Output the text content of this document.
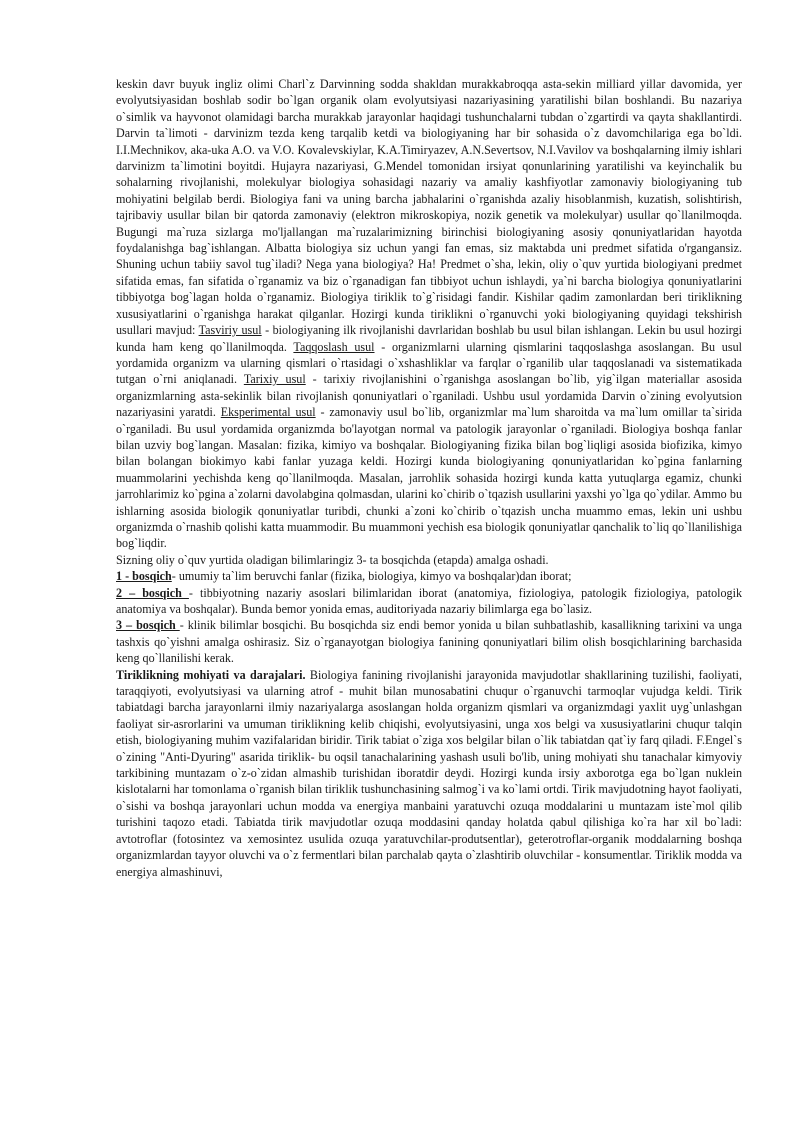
keskin davr buyuk ingliz olimi Charl`z Darvinning sodda shakldan murakkabroqqa asta-sekin milliard yillar davomida, yer evolyutsiyasidan boshlab sodir bo`lgan organik olam evolyutsiyasi nazariyasining yaratilishi bilan boshlandi. Bu nazariya o`simlik va hayvonot olamidagi barcha murakkab jarayonlar haqidagi tushunchalarni tubdan o`zgartirdi va qayta shakllantirdi. Darvin ta`limoti - darvinizm tezda keng tarqalib ketdi va biologiyaning har bir sohasida o`z davomchilariga ega bo`ldi. I.I.Mechnikov, aka-uka A.O. va V.O. Kovalevskiylar, K.A.Timiryazev, A.N.Severtsov, N.I.Vavilov va boshqalarning ilmiy ishlari darvinizm ta`limotini boyitdi. Hujayra nazariyasi, G.Mendel tomonidan irsiyat qonunlarining yaratilishi va keyinchalik bu sohalarning rivojlanishi, molekulyar biologiya sohasidagi nazariy va amaliy kashfiyotlar zamonaviy biologiyaning tub mohiyatini belgilab berdi. Biologiya fani va uning barcha jabhalarini o`rganishda azaliy hisoblanmish, kuzatish, solishtirish, tajribaviy usullar bilan bir qatorda zamonaviy (elektron mikroskopiya, nozik genetik va molekulyar) usullar qo`llanilmoqda. Bugungi ma`ruza sizlarga mo'ljallangan ma`ruzalarimizning birinchisi biologiyaning asosiy qonuniyatlaridan hayotda foydalanishga bag`ishlangan. Albatta biologiya siz uchun yangi fan emas, siz maktabda uni predmet sifatida o'rgangansiz. Shuning uchun tabiiy savol tug`iladi? Nega yana biologiya? Ha! Predmet o`sha, lekin, oliy o`quv yurtida biologiyani predmet sifatida emas, fan sifatida o`rganamiz va biz o`rganadigan fan tibbiyot uchun ishlaydi, ya`ni barcha biologiya qonuniyatlarini tibbiyotga bog`lagan holda o`rganamiz. Biologiya tiriklik to`g`risidagi fandir. Kishilar qadim zamonlardan beri tiriklikning xususiyatlarini o`rganishga harakat qilganlar. Hozirgi kunda tiriklikni o`rganuvchi yoki biologiyaning quyidagi tekshirish usullari mavjud: Tasviriy usul - biologiyaning ilk rivojlanishi davrlaridan boshlab bu usul bilan ishlangan. Lekin bu usul hozirgi kunda ham keng qo`llanilmoqda. Taqqoslash usul - organizmlarni ularning qismlarini taqqoslashga asoslangan. Bu usul yordamida organizm va ularning qismlari o`rtasidagi o`xshashliklar va farqlar o`rganilib ular taqqoslanadi va sistematikada tutgan o`rni aniqlanadi. Tarixiy usul - tarixiy rivojlanishini o`rganishga asoslangan bo`lib, yig`ilgan materiallar asosida organizmlarning asta-sekinlik bilan rivojlanish qonuniyatlari o`rganiladi. Ushbu usul yordamida Darvin o`zining evolyutsion nazariyasini yaratdi. Eksperimental usul - zamonaviy usul bo`lib, organizmlar ma`lum sharoitda va ma`lum omillar ta`sirida o`rganiladi. Bu usul yordamida organizmda bo'layotgan normal va patologik jarayonlar o`rganiladi. Biologiya boshqa fanlar bilan uzviy bog`langan. Masalan: fizika, kimiyo va boshqalar. Biologiyaning fizika bilan bog`liqligi asosida biofizika, kimyo bilan bolangan biokimyo kabi fanlar yuzaga keldi. Hozirgi kunda biologiyaning qonuniyatlaridan ko`pgina fanlarning muammolarini yechishda keng qo`llanilmoqda. Masalan, jarrohlik sohasida hozirgi kunda katta yutuqlarga egamiz, chunki jarrohlarimiz ko`pgina a`zolarni davolabgina qolmasdan, ularini ko`chirib o`tqazish usullarini yaxshi yo`lga qo`ydilar. Ammo bu ishlarning asosida biologik qonuniyatlar turibdi, chunki a`zoni ko`chirib o`tqazish uncha muammo emas, lekin uni ushbu organizmda o`rnashib qolishi katta muammodir. Bu muammoni yechish esa biologik qonuniyatlar qanchalik to`liq qo`llanilishiga bog`liqdir.

Sizning oliy o`quv yurtida oladigan bilimlaringiz 3- ta bosqichda (etapda) amalga oshadi.

1 - bosqich- umumiy ta`lim beruvchi fanlar (fizika, biologiya, kimyo va boshqalar)dan iborat;

2 – bosqich - tibbiyotning nazariy asoslari bilimlaridan iborat (anatomiya, fiziologiya, patologik fiziologiya, patologik anatomiya va boshqalar). Bunda bemor yonida emas, auditoriyada nazariy bilimlarga ega bo`lasiz.

3 – bosqich - klinik bilimlar bosqichi. Bu bosqichda siz endi bemor yonida u bilan suhbatlashib, kasallikning tarixini va unga tashxis qo`yishni amalga oshirasiz. Siz o`rganayotgan biologiya fanining qonuniyatlari bilim olish bosqichlarining barchasida keng qo`llanilishi kerak.

Tiriklikning mohiyati va darajalari. Biologiya fanining rivojlanishi jarayonida mavjudotlar shakllarining tuzilishi, faoliyati, taraqqiyoti, evolyutsiyasi va ularning atrof - muhit bilan munosabatini chuqur o`rganuvchi tarmoqlar vujudga keldi. Tirik tabiatdagi barcha jarayonlarni ilmiy nazariyalarga asoslangan holda organizm qismlari va organizmdagi yaxlit uyg`unlashgan faoliyat sir-asrorlarini va umuman tiriklikning kelib chiqishi, evolyutsiyasini, unga xos belgi va xususiyatlarini chuqur talqin etish, biologiyaning muhim vazifalaridan biridir. Tirik tabiat o`ziga xos belgilar bilan o`lik tabiatdan qat`iy farq qiladi. F.Engel`s o`zining "Anti-Dyuring" asarida tiriklik- bu oqsil tanachalarining yashash usuli bo'lib, uning mohiyati shu tanachalar kimyoviy tarkibining muntazam o`z-o`zidan almashib turishidan iboratdir deydi. Hozirgi kunda irsiy axborotga ega bo`lgan nuklein kislotalarni har tomonlama o`rganish bilan tiriklik tushunchasining salmog`i va ko`lami ortdi. Tirik mavjudotning hayot faoliyati, o`sishi va boshqa jarayonlari uchun modda va energiya manbaini yaratuvchi ozuqa moddalarini u muntazam iste`mol qilib turishini taqozo etadi. Tabiatda tirik mavjudotlar ozuqa moddasini qanday holatda qabul qilishiga ko`ra har xil bo`ladi: avtotroflar (fotosintez va xemosintez usulida ozuqa yaratuvchilar-produtsentlar), geterotroflar-organik moddalarning boshqa organizmlardan tayyor oluvchi va o`z fermentlari bilan parchalab qayta o`zlashtirib oluvchilar - konsumentlar. Tiriklik modda va energiya almashinuvi,
